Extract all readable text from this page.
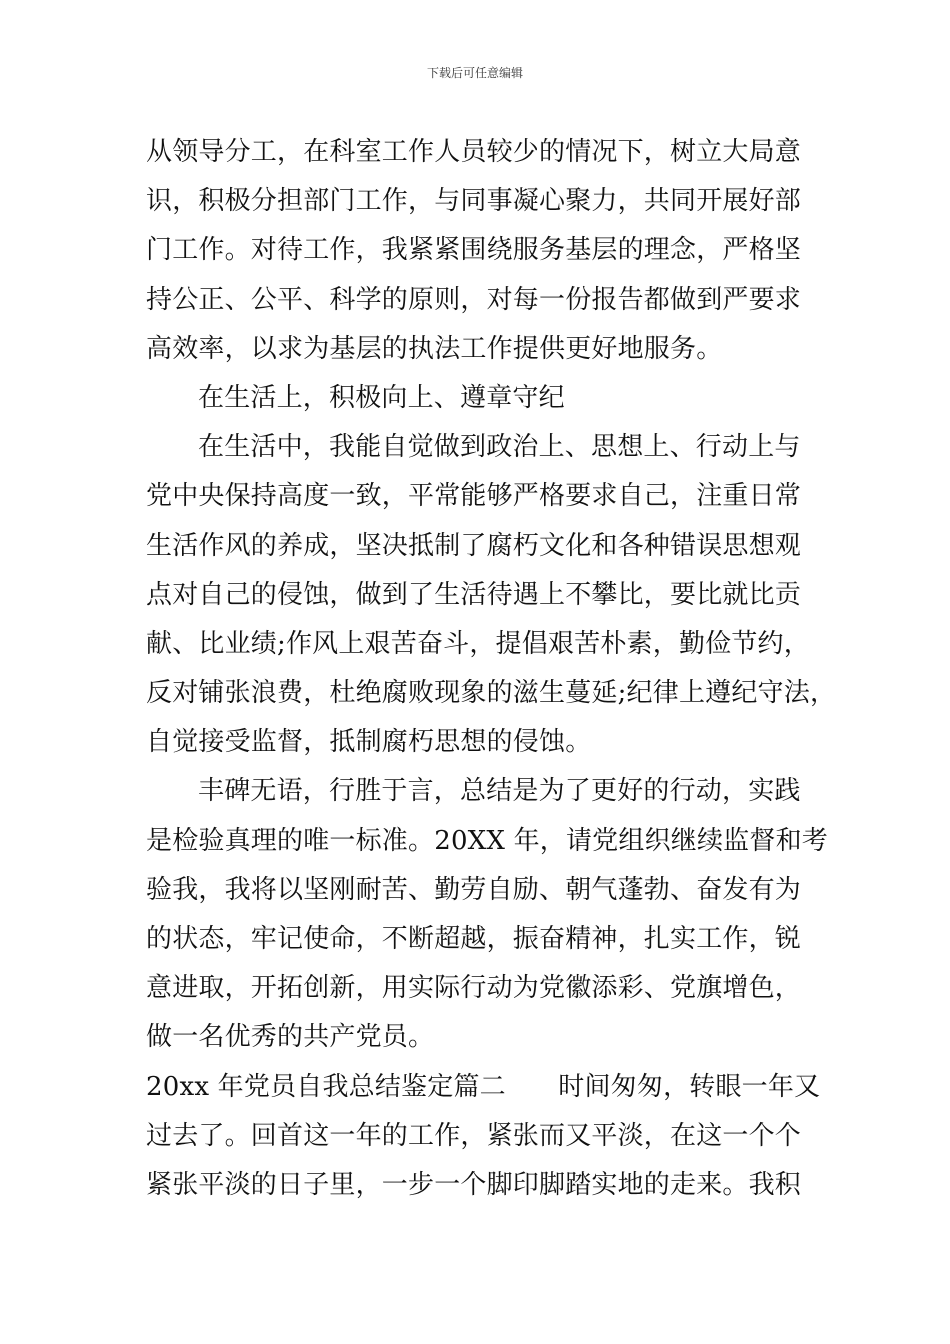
下载后可任意编辑
从领导分工，在科室工作人员较少的情况下，树立大局意
识，积极分担部门工作，与同事凝心聚力，共同开展好部
门工作。对待工作，我紧紧围绕服务基层的理念，严格坚
持公正、公平、科学的原则，对每一份报告都做到严要求
高效率，以求为基层的执法工作提供更好地服务。
在生活上，积极向上、遵章守纪
在生活中，我能自觉做到政治上、思想上、行动上与
党中央保持高度一致，平常能够严格要求自己，注重日常
生活作风的养成，坚决抵制了腐朽文化和各种错误思想观
点对自己的侵蚀，做到了生活待遇上不攀比，要比就比贡
献、比业绩;作风上艰苦奋斗，提倡艰苦朴素，勤俭节约，
反对铺张浪费，杜绝腐败现象的滋生蔓延;纪律上遵纪守法，
自觉接受监督，抵制腐朽思想的侵蚀。
丰碑无语，行胜于言，总结是为了更好的行动，实践
是检验真理的唯一标准。20XX 年，请党组织继续监督和考
验我，我将以坚刚耐苦、勤劳自励、朝气蓬勃、奋发有为
的状态，牢记使命，不断超越，振奋精神，扎实工作，锐
意进取，开拓创新，用实际行动为党徽添彩、党旗增色，
做一名优秀的共产党员。
20xx 年党员自我总结鉴定篇二　　时间匆匆，转眼一年又
过去了。回首这一年的工作，紧张而又平淡，在这一个个
紧张平淡的日子里，一步一个脚印脚踏实地的走来。我积
